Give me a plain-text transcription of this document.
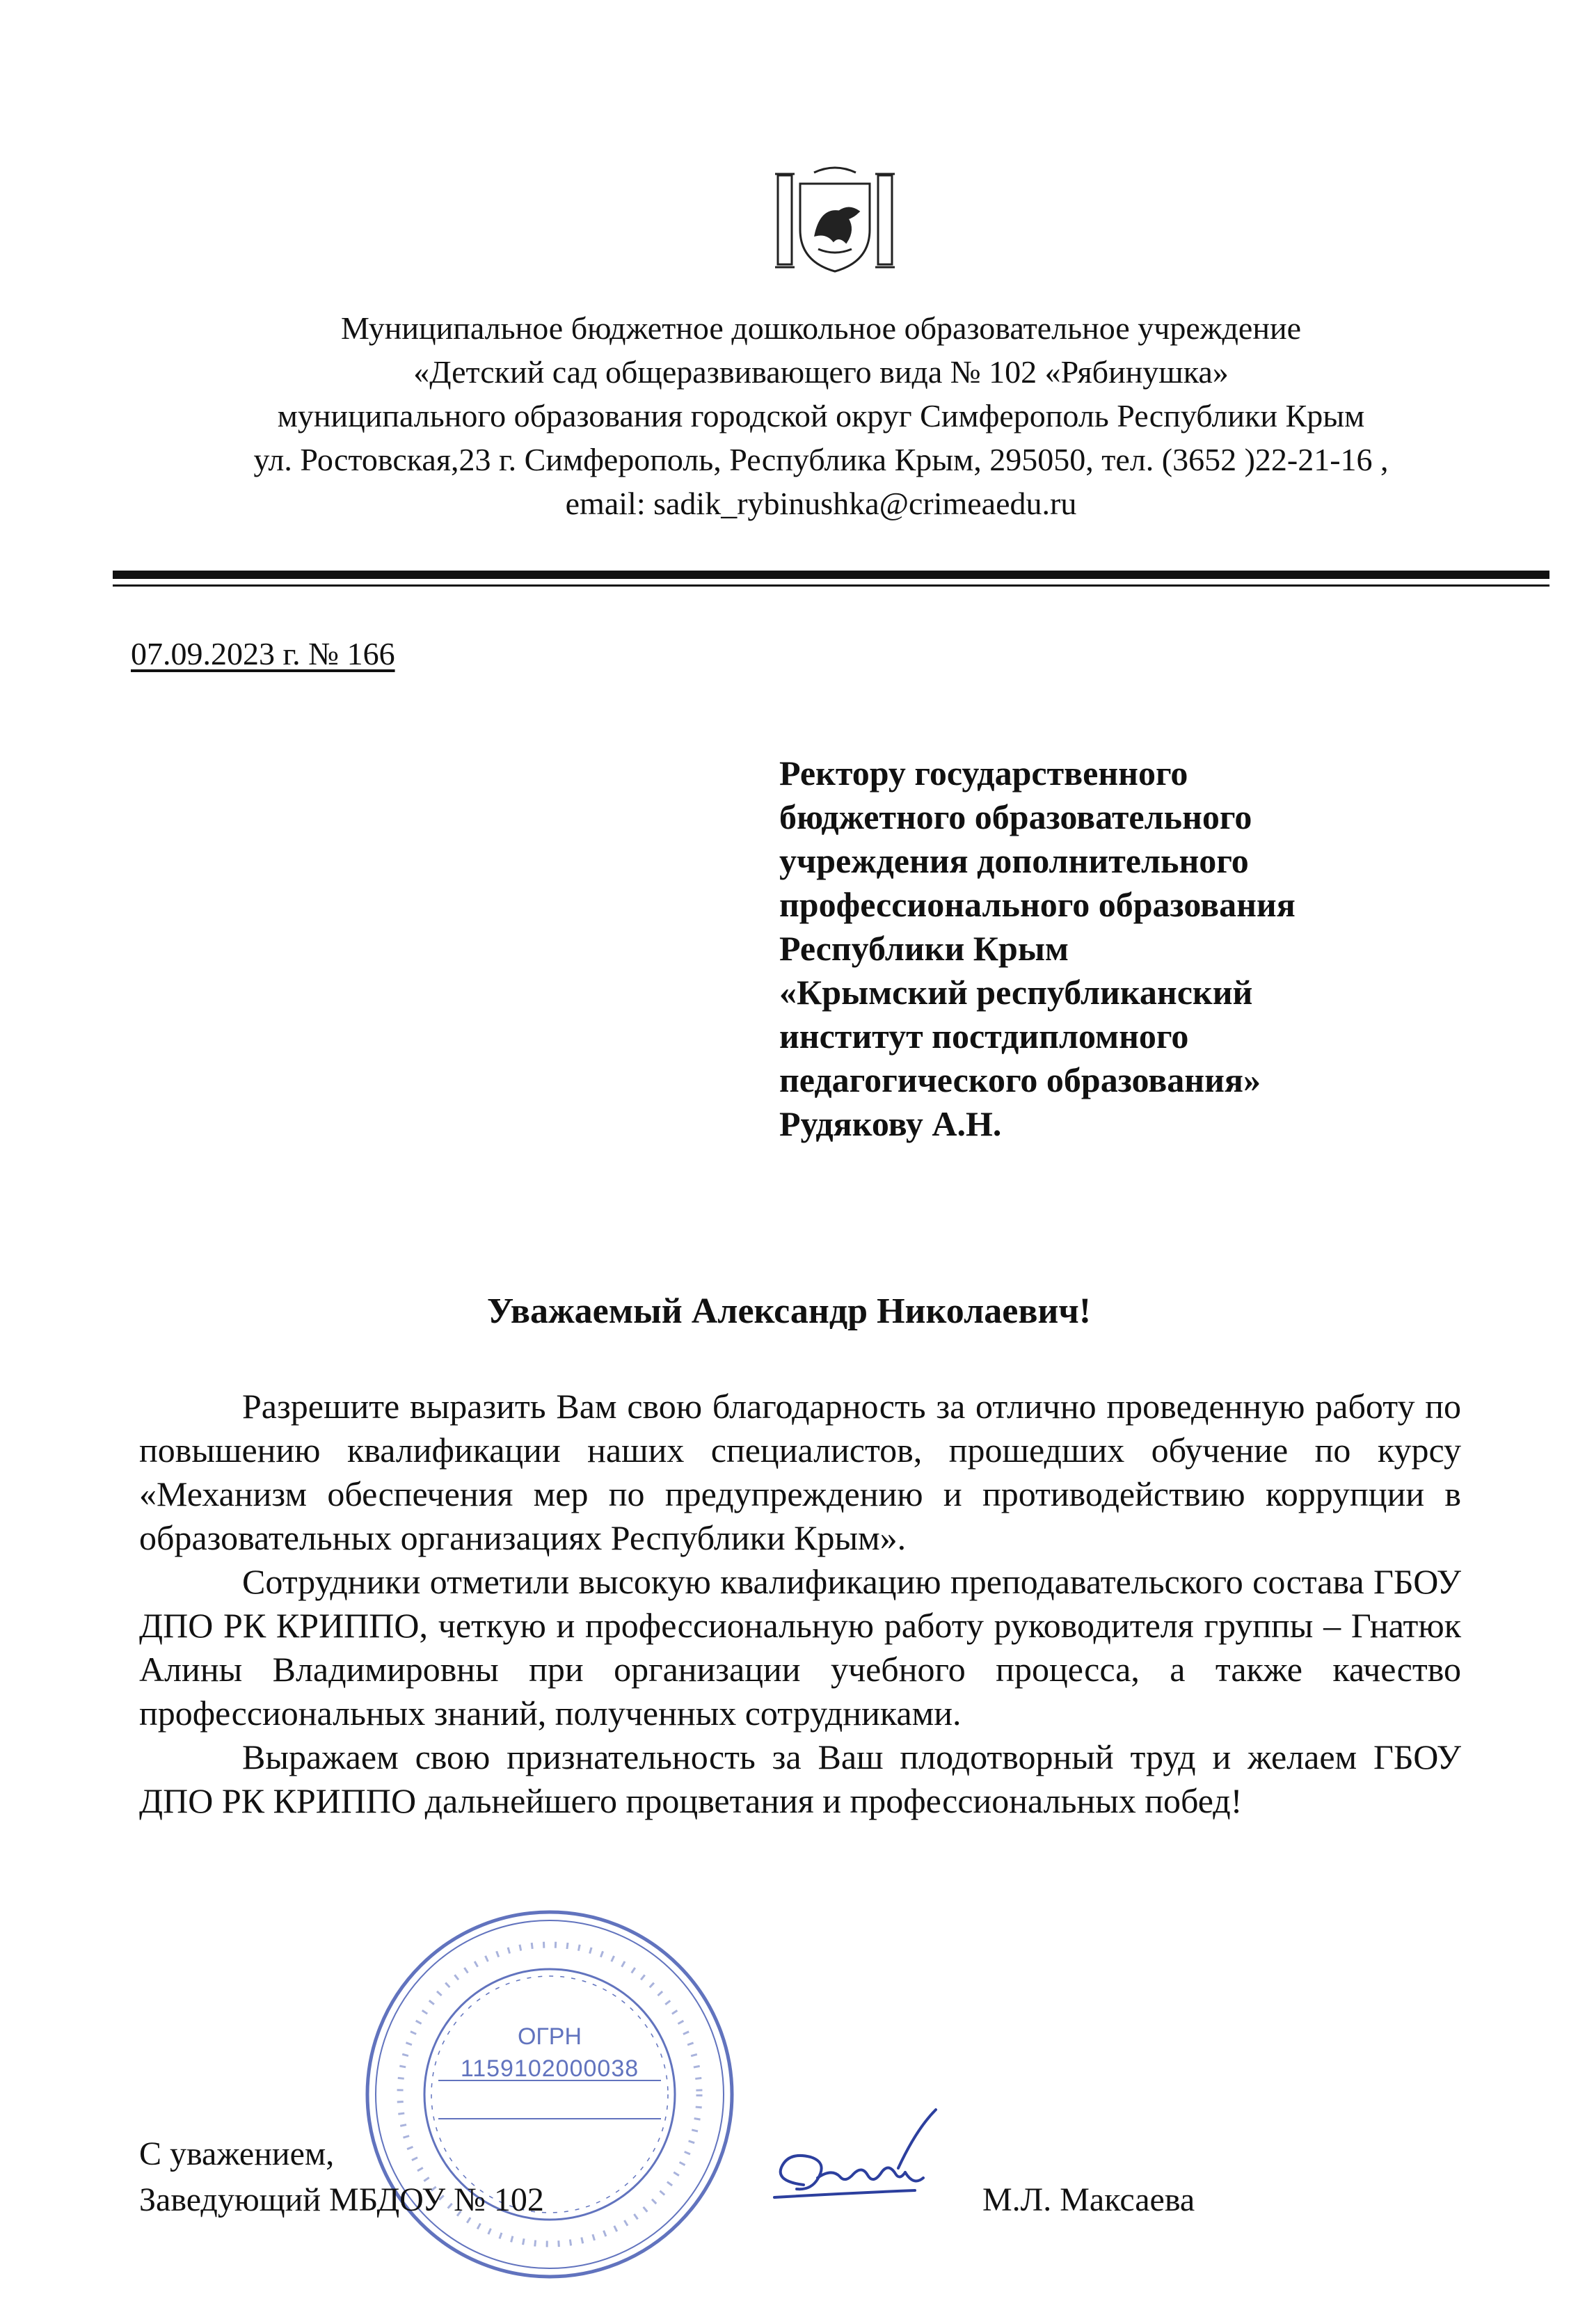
Муниципальное бюджетное дошкольное образовательное учреждение
«Детский сад общеразвивающего вида № 102 «Рябинушка»
муниципального образования городской округ Симферополь Республики Крым
ул. Ростовская,23 г. Симферополь, Республика Крым, 295050, тел. (3652 )22-21-16 ,
email: sadik_rybinushka@crimeaedu.ru
07.09.2023 г. № 166
Ректору государственного
бюджетного образовательного
учреждения дополнительного
профессионального образования
Республики Крым
«Крымский республиканский
институт постдипломного
педагогического образования»
Рудякову А.Н.
Уважаемый Александр Николаевич!

Разрешите выразить Вам свою благодарность за отлично проведенную работу по повышению квалификации наших специалистов, прошедших обучение по курсу «Механизм обеспечения мер по предупреждению и противодействию коррупции в образовательных организациях Республики Крым».

Сотрудники отметили высокую квалификацию преподавательского состава ГБОУ ДПО РК КРИППО, четкую и профессиональную работу руководителя группы – Гнатюк Алины Владимировны при организации учебного процесса, а также качество профессиональных знаний, полученных сотрудниками.

Выражаем свою признательность за Ваш плодотворный труд и желаем ГБОУ ДПО РК КРИППО дальнейшего процветания и профессиональных побед!

ОГРН
1159102000038
С уважением,
Заведующий МБДОУ № 102	М.Л. Максаева
